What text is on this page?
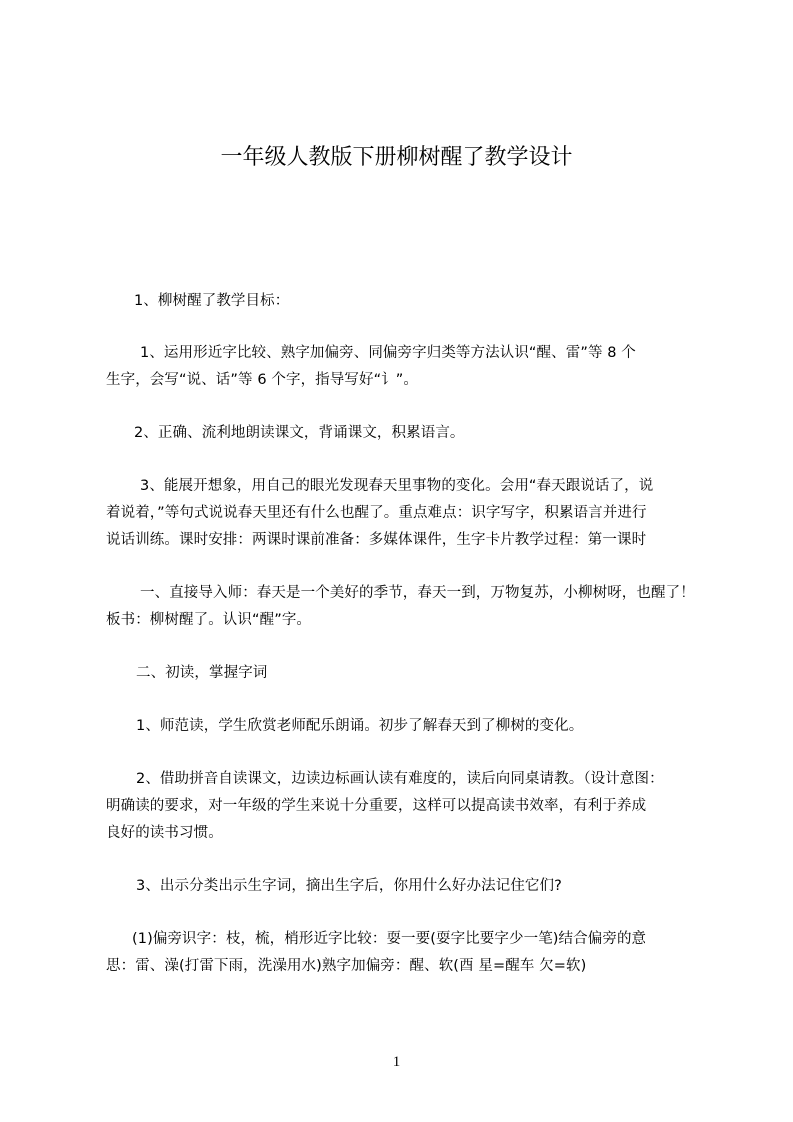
一年级人教版下册柳树醒了教学设计
1、柳树醒了教学目标：
1、运用形近字比较、熟字加偏旁、同偏旁字归类等方法认识“醒、雷”等 8 个
生字，会写“说、话”等 6 个字，指导写好“讠”。
2、正确、流利地朗读课文，背诵课文，积累语言。
3、能展开想象，用自己的眼光发现春天里事物的变化。会用“春天跟说话了，说
着说着，”等句式说说春天里还有什么也醒了。重点难点：识字写字，积累语言并进行
说话训练。课时安排：两课时课前准备：多媒体课件，生字卡片教学过程：第一课时
一、直接导入师：春天是一个美好的季节，春天一到，万物复苏，小柳树呀，也醒了！
板书：柳树醒了。认识“醒”字。
二、初读，掌握字词
1、师范读，学生欣赏老师配乐朗诵。初步了解春天到了柳树的变化。
2、借助拼音自读课文，边读边标画认读有难度的，读后向同桌请教。（设计意图：
明确读的要求，对一年级的学生来说十分重要，这样可以提高读书效率，有利于养成
良好的读书习惯。
3、出示分类出示生字词，摘出生字后，你用什么好办法记住它们?
(1)偏旁识字：枝，梳，梢形近字比较：耍一要(耍字比要字少一笔)结合偏旁的意
思：雷、澡(打雷下雨，洗澡用水)熟字加偏旁：醒、软(酉 星=醒车 欠=软)
1
